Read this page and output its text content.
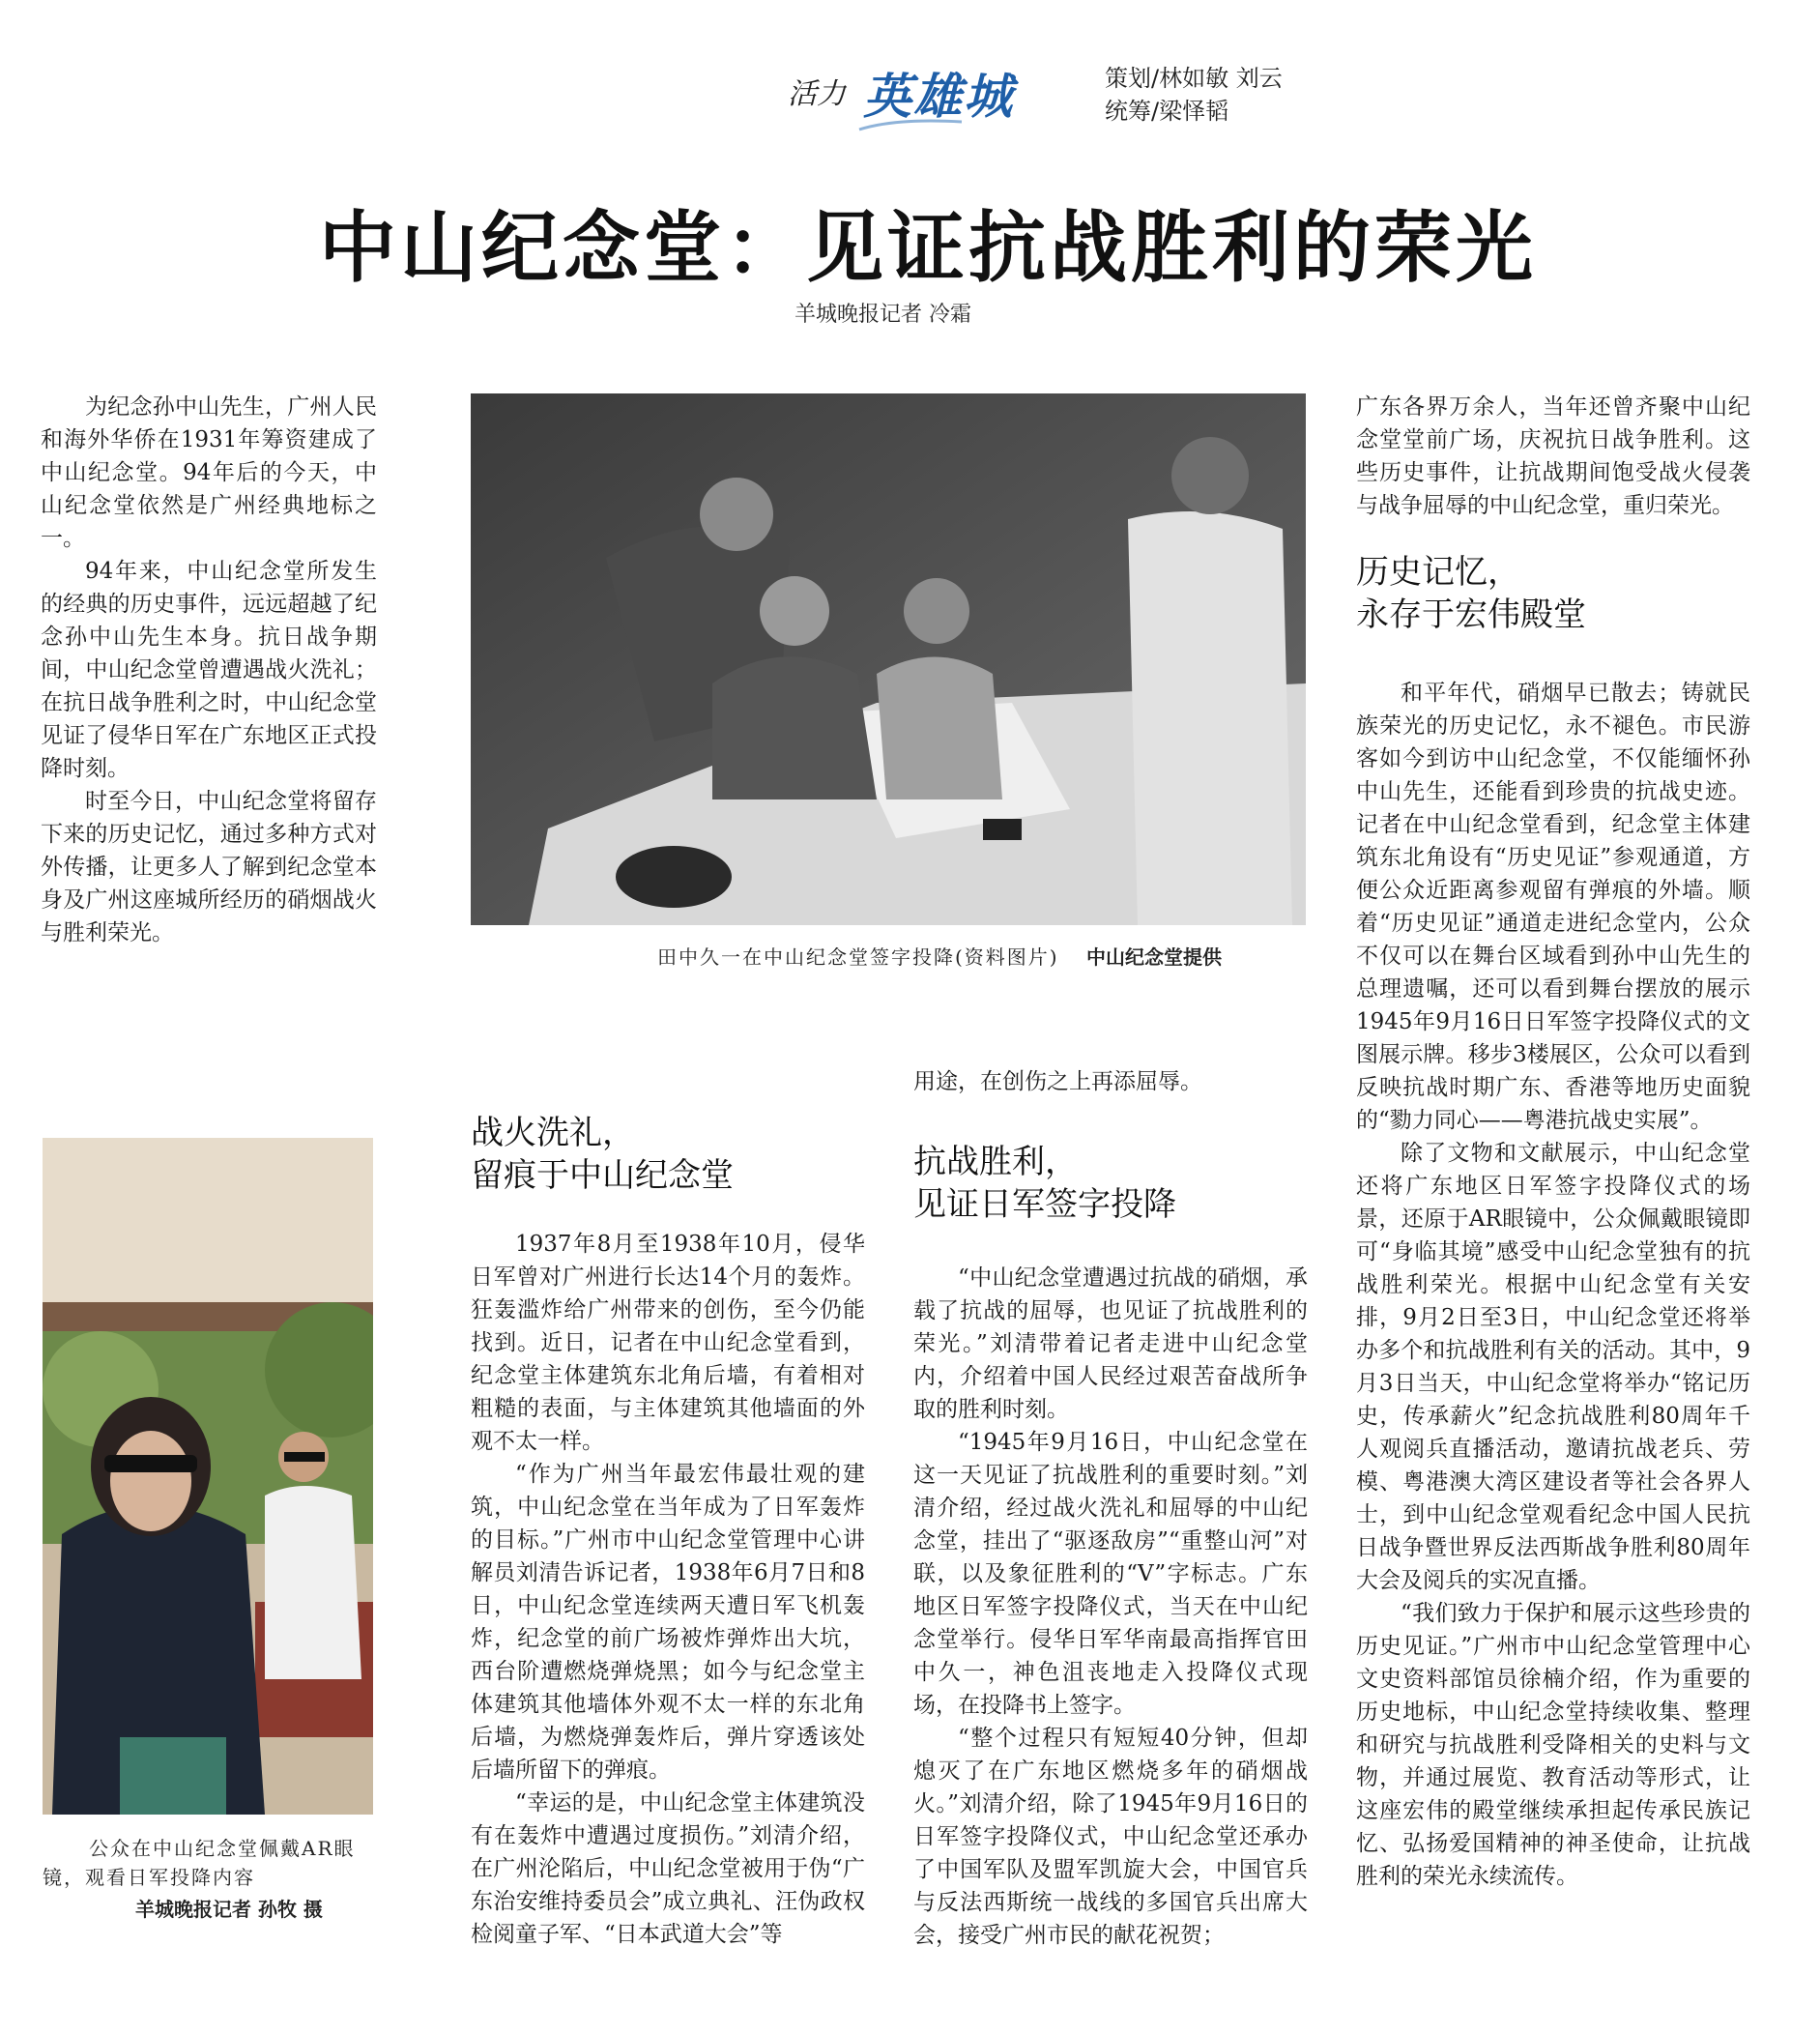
活力 英雄城	策划/林如敏 刘云
统筹/梁怿韬
中山纪念堂：见证抗战胜利的荣光
羊城晚报记者 冷霜

为纪念孙中山先生，广州人民和海外华侨在1931年筹资建成了中山纪念堂。94年后的今天，中山纪念堂依然是广州经典地标之一。

94年来，中山纪念堂所发生的经典的历史事件，远远超越了纪念孙中山先生本身。抗日战争期间，中山纪念堂曾遭遇战火洗礼；在抗日战争胜利之时，中山纪念堂见证了侵华日军在广东地区正式投降时刻。

时至今日，中山纪念堂将留存下来的历史记忆，通过多种方式对外传播，让更多人了解到纪念堂本身及广州这座城所经历的硝烟战火与胜利荣光。

田中久一在中山纪念堂签字投降(资料图片) 中山纪念堂提供
公众在中山纪念堂佩戴AR眼镜，观看日军投降内容
羊城晚报记者 孙牧 摄
战火洗礼，
留痕于中山纪念堂

1937年8月至1938年10月，侵华日军曾对广州进行长达14个月的轰炸。狂轰滥炸给广州带来的创伤，至今仍能找到。近日，记者在中山纪念堂看到，纪念堂主体建筑东北角后墙，有着相对粗糙的表面，与主体建筑其他墙面的外观不太一样。

“作为广州当年最宏伟最壮观的建筑，中山纪念堂在当年成为了日军轰炸的目标。”广州市中山纪念堂管理中心讲解员刘清告诉记者，1938年6月7日和8日，中山纪念堂连续两天遭日军飞机轰炸，纪念堂的前广场被炸弹炸出大坑，西台阶遭燃烧弹烧黑；如今与纪念堂主体建筑其他墙体外观不太一样的东北角后墙，为燃烧弹轰炸后，弹片穿透该处后墙所留下的弹痕。

“幸运的是，中山纪念堂主体建筑没有在轰炸中遭遇过度损伤。”刘清介绍，在广州沦陷后，中山纪念堂被用于伪“广东治安维持委员会”成立典礼、汪伪政权检阅童子军、“日本武道大会”等

用途，在创伤之上再添屈辱。

抗战胜利，
见证日军签字投降

“中山纪念堂遭遇过抗战的硝烟，承载了抗战的屈辱，也见证了抗战胜利的荣光。”刘清带着记者走进中山纪念堂内，介绍着中国人民经过艰苦奋战所争取的胜利时刻。

“1945年9月16日，中山纪念堂在这一天见证了抗战胜利的重要时刻。”刘清介绍，经过战火洗礼和屈辱的中山纪念堂，挂出了“驱逐敌房”“重整山河”对联，以及象征胜利的“V”字标志。广东地区日军签字投降仪式，当天在中山纪念堂举行。侵华日军华南最高指挥官田中久一，神色沮丧地走入投降仪式现场，在投降书上签字。

“整个过程只有短短40分钟，但却熄灭了在广东地区燃烧多年的硝烟战火。”刘清介绍，除了1945年9月16日的日军签字投降仪式，中山纪念堂还承办了中国军队及盟军凯旋大会，中国官兵与反法西斯统一战线的多国官兵出席大会，接受广州市民的献花祝贺；

广东各界万余人，当年还曾齐聚中山纪念堂堂前广场，庆祝抗日战争胜利。这些历史事件，让抗战期间饱受战火侵袭与战争屈辱的中山纪念堂，重归荣光。

历史记忆，
永存于宏伟殿堂

和平年代，硝烟早已散去；铸就民族荣光的历史记忆，永不褪色。市民游客如今到访中山纪念堂，不仅能缅怀孙中山先生，还能看到珍贵的抗战史迹。记者在中山纪念堂看到，纪念堂主体建筑东北角设有“历史见证”参观通道，方便公众近距离参观留有弹痕的外墙。顺着“历史见证”通道走进纪念堂内，公众不仅可以在舞台区域看到孙中山先生的总理遗嘱，还可以看到舞台摆放的展示1945年9月16日日军签字投降仪式的文图展示牌。移步3楼展区，公众可以看到反映抗战时期广东、香港等地历史面貌的“勠力同心——粤港抗战史实展”。

除了文物和文献展示，中山纪念堂还将广东地区日军签字投降仪式的场景，还原于AR眼镜中，公众佩戴眼镜即可“身临其境”感受中山纪念堂独有的抗战胜利荣光。根据中山纪念堂有关安排，9月2日至3日，中山纪念堂还将举办多个和抗战胜利有关的活动。其中，9月3日当天，中山纪念堂将举办“铭记历史，传承薪火”纪念抗战胜利80周年千人观阅兵直播活动，邀请抗战老兵、劳模、粤港澳大湾区建设者等社会各界人士，到中山纪念堂观看纪念中国人民抗日战争暨世界反法西斯战争胜利80周年大会及阅兵的实况直播。

“我们致力于保护和展示这些珍贵的历史见证。”广州市中山纪念堂管理中心文史资料部馆员徐楠介绍，作为重要的历史地标，中山纪念堂持续收集、整理和研究与抗战胜利受降相关的史料与文物，并通过展览、教育活动等形式，让这座宏伟的殿堂继续承担起传承民族记忆、弘扬爱国精神的神圣使命，让抗战胜利的荣光永续流传。
